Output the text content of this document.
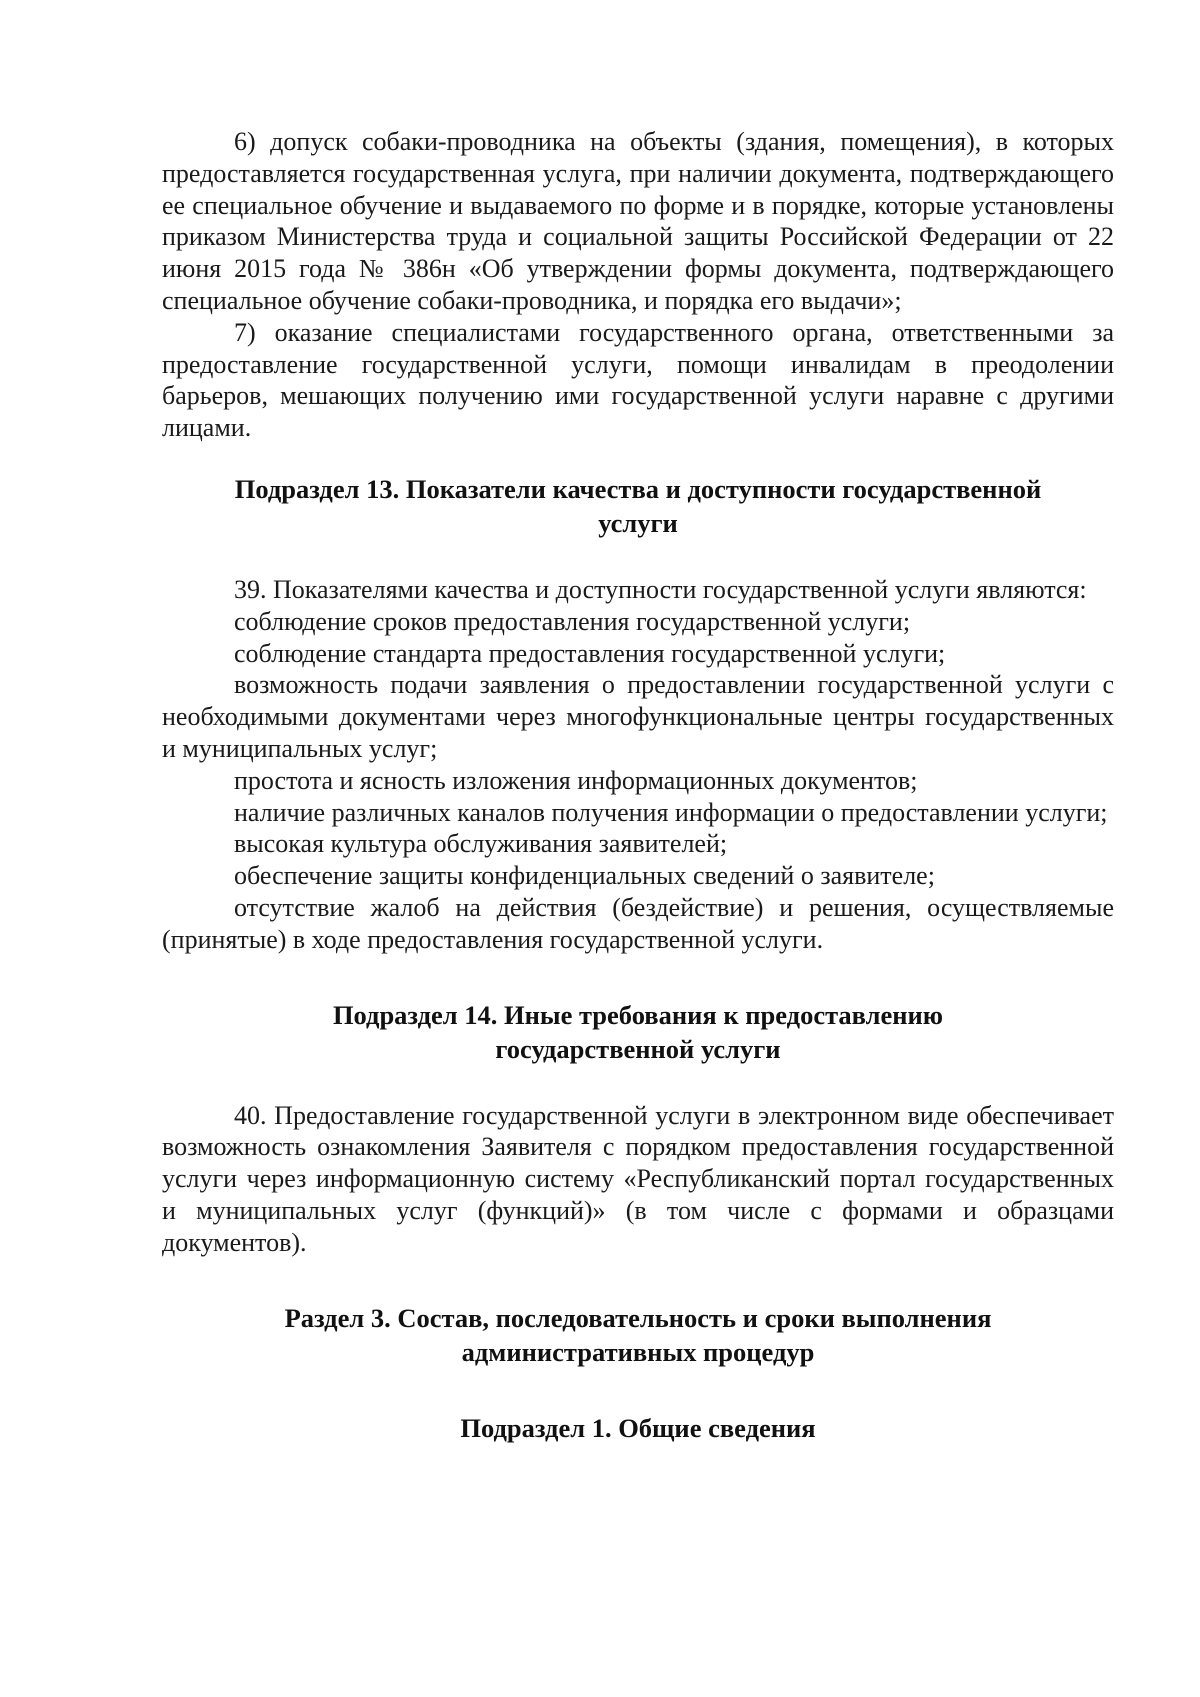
6) допуск собаки-проводника на объекты (здания, помещения), в которых предоставляется государственная услуга, при наличии документа, подтверждающего ее специальное обучение и выдаваемого по форме и в порядке, которые установлены приказом Министерства труда и социальной защиты Российской Федерации от 22 июня 2015 года № 386н «Об утверждении формы документа, подтверждающего специальное обучение собаки-проводника, и порядка его выдачи»;

7) оказание специалистами государственного органа, ответственными за предоставление государственной услуги, помощи инвалидам в преодолении барьеров, мешающих получению ими государственной услуги наравне с другими лицами.

Подраздел 13. Показатели качества и доступности государственной
услуги

39. Показателями качества и доступности государственной услуги являются:

соблюдение сроков предоставления государственной услуги;

соблюдение стандарта предоставления государственной услуги;

возможность подачи заявления о предоставлении государственной услуги с необходимыми документами через многофункциональные центры государственных и муниципальных услуг;

простота и ясность изложения информационных документов;

наличие различных каналов получения информации о предоставлении услуги;

высокая культура обслуживания заявителей;

обеспечение защиты конфиденциальных сведений о заявителе;

отсутствие жалоб на действия (бездействие) и решения, осуществляемые (принятые) в ходе предоставления государственной услуги.

Подраздел 14. Иные требования к предоставлению
государственной услуги

40. Предоставление государственной услуги в электронном виде обеспечивает возможность ознакомления Заявителя с порядком предоставления государственной услуги через информационную систему «Республиканский портал государственных и муниципальных услуг (функций)» (в том числе с формами и образцами документов).

Раздел 3. Состав, последовательность и сроки выполнения
административных процедур
Подраздел 1. Общие сведения
